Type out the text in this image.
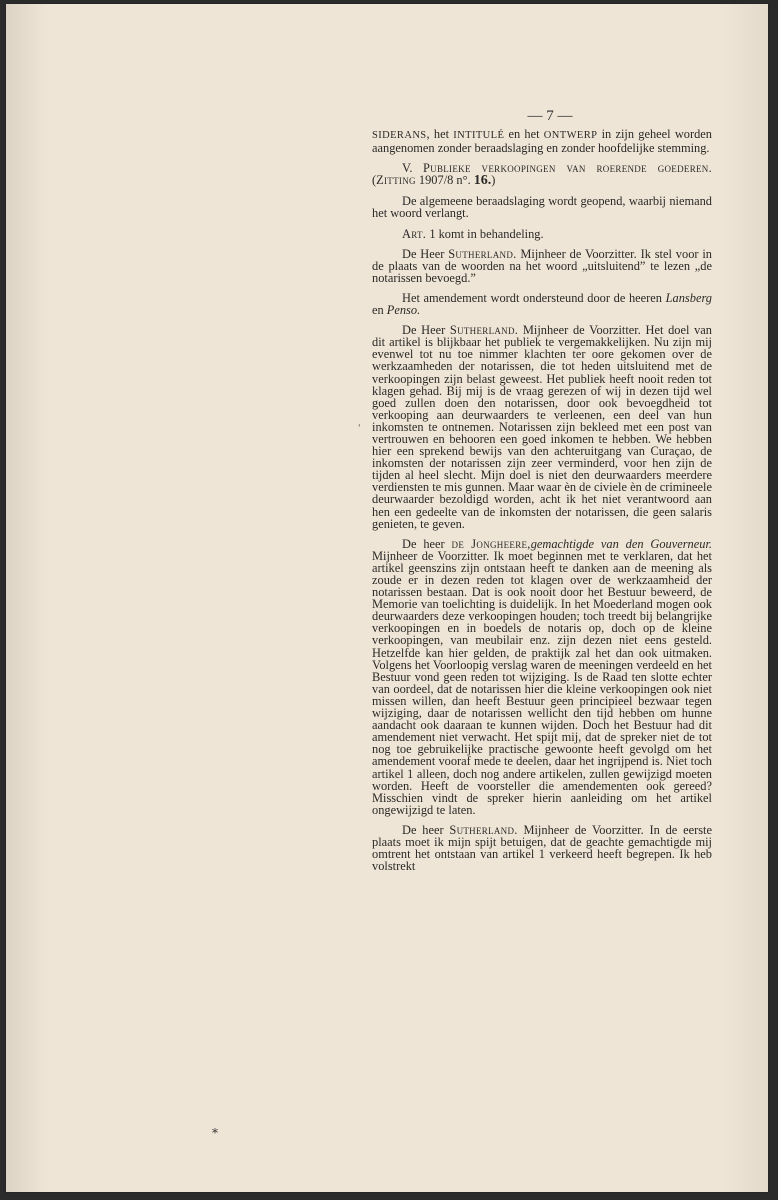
— 7 —

SIDERANS, het INTITULÉ en het ONTWERP in zijn geheel worden aangenomen zonder beraadslaging en zonder hoofdelijke stemming.

V. Publieke verkoopingen van roerende goederen. (Zitting 1907/8 n°. 16.)

De algemeene beraadslaging wordt geopend, waarbij niemand het woord verlangt.

Art. 1 komt in behandeling.

De Heer Sutherland. Mijnheer de Voorzitter. Ik stel voor in de plaats van de woorden na het woord „uitsluitend” te lezen „de notarissen bevoegd.”

Het amendement wordt ondersteund door de heeren Lansberg en Penso.

De Heer Sutherland. Mijnheer de Voorzitter. Het doel van dit artikel is blijkbaar het publiek te vergemakkelijken. Nu zijn mij evenwel tot nu toe nimmer klachten ter oore gekomen over de werkzaamheden der notarissen, die tot heden uitsluitend met de verkoopingen zijn belast geweest. Het publiek heeft nooit reden tot klagen gehad. Bij mij is de vraag gerezen of wij in dezen tijd wel goed zullen doen den notarissen, door ook bevoegdheid tot verkooping aan deurwaarders te verleenen, een deel van hun inkomsten te ontnemen. Notarissen zijn bekleed met een post van vertrouwen en behooren een goed inkomen te hebben. We hebben hier een sprekend bewijs van den achteruitgang van Curaçao, de inkomsten der notarissen zijn zeer verminderd, voor hen zijn de tijden al heel slecht. Mijn doel is niet den deurwaarders meerdere verdiensten te mis gunnen. Maar waar èn de civiele èn de crimineele deurwaarder bezoldigd worden, acht ik het niet verantwoord aan hen een gedeelte van de inkomsten der notarissen, die geen salaris genieten, te geven.

De heer de Jongheere,gemachtigde van den Gouverneur. Mijnheer de Voorzitter. Ik moet beginnen met te verklaren, dat het artikel geenszins zijn ontstaan heeft te danken aan de meening als zoude er in dezen reden tot klagen over de werkzaamheid der notarissen bestaan. Dat is ook nooit door het Bestuur beweerd, de Memorie van toelichting is duidelijk. In het Moederland mogen ook deurwaarders deze verkoopingen houden; toch treedt bij belangrijke verkoopingen en in boedels de notaris op, doch op de kleine verkoopingen, van meubilair enz. zijn dezen niet eens gesteld. Hetzelfde kan hier gelden, de praktijk zal het dan ook uitmaken. Volgens het Voorloopig verslag waren de meeningen verdeeld en het Bestuur vond geen reden tot wijziging. Is de Raad ten slotte echter van oordeel, dat de notarissen hier die kleine verkoopingen ook niet missen willen, dan heeft Bestuur geen principieel bezwaar tegen wijziging, daar de notarissen wellicht den tijd hebben om hunne aandacht ook daaraan te kunnen wijden. Doch het Bestuur had dit amendement niet verwacht. Het spijt mij, dat de spreker niet de tot nog toe gebruikelijke practische gewoonte heeft gevolgd om het amendement vooraf mede te deelen, daar het ingrijpend is. Niet toch artikel 1 alleen, doch nog andere artikelen, zullen gewijzigd moeten worden. Heeft de voorsteller die amendementen ook gereed? Misschien vindt de spreker hierin aanleiding om het artikel ongewijzigd te laten.

De heer Sutherland. Mijnheer de Voorzitter. In de eerste plaats moet ik mijn spijt betuigen, dat de geachte gemachtigde mij omtrent het ontstaan van artikel 1 verkeerd heeft begrepen. Ik heb volstrekt

'
*
